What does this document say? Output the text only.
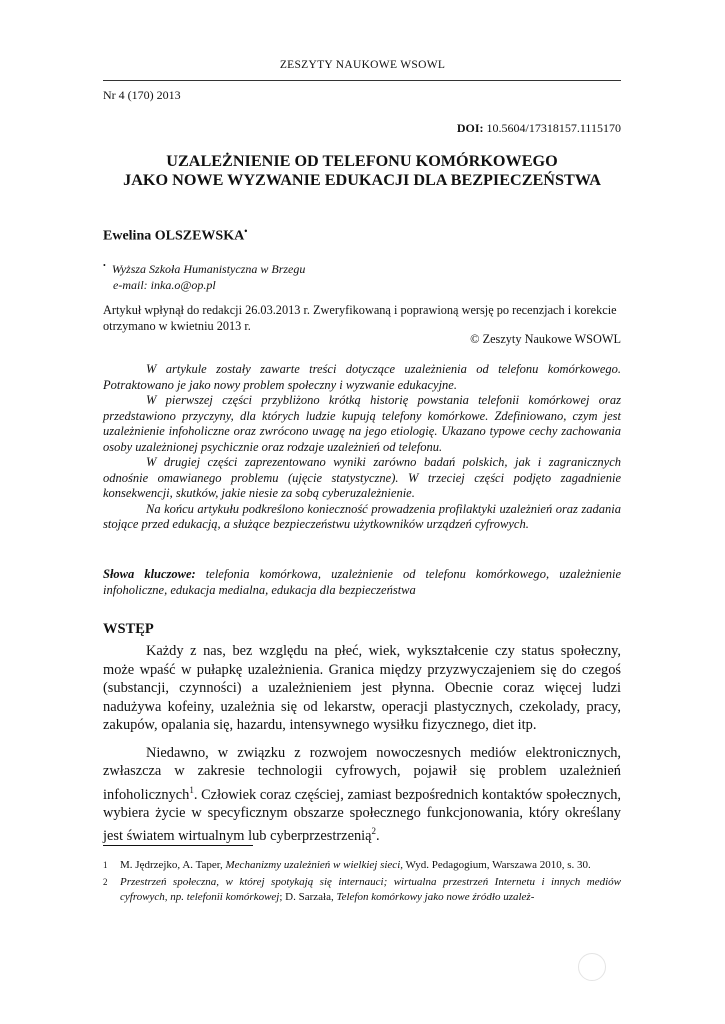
ZESZYTY NAUKOWE WSOWL
Nr 4 (170) 2013
DOI: 10.5604/17318157.1115170
UZALEŻNIENIE OD TELEFONU KOMÓRKOWEGO
JAKO NOWE WYZWANIE EDUKACJI DLA BEZPIECZEŃSTWA
Ewelina OLSZEWSKA•
• Wyższa Szkoła Humanistyczna w Brzegu
e-mail: inka.o@op.pl
Artykuł wpłynął do redakcji 26.03.2013 r. Zweryfikowaną i poprawioną wersję po recenzjach i korekcie otrzymano w kwietniu 2013 r.
© Zeszyty Naukowe WSOWL

W artykule zostały zawarte treści dotyczące uzależnienia od telefonu komórkowego. Potraktowano je jako nowy problem społeczny i wyzwanie edukacyjne.

W pierwszej części przybliżono krótką historię powstania telefonii komórkowej oraz przedstawiono przyczyny, dla których ludzie kupują telefony komórkowe. Zdefiniowano, czym jest uzależnienie infoholiczne oraz zwrócono uwagę na jego etiologię. Ukazano typowe cechy zachowania osoby uzależnionej psychicznie oraz rodzaje uzależnień od telefonu.

W drugiej części zaprezentowano wyniki zarówno badań polskich, jak i zagranicznych odnośnie omawianego problemu (ujęcie statystyczne). W trzeciej części podjęto zagadnienie konsekwencji, skutków, jakie niesie za sobą cyberuzależnienie.

Na końcu artykułu podkreślono konieczność prowadzenia profilaktyki uzależnień oraz zadania stojące przed edukacją, a służące bezpieczeństwu użytkowników urządzeń cyfrowych.

Słowa kluczowe: telefonia komórkowa, uzależnienie od telefonu komórkowego, uzależnienie infoholiczne, edukacja medialna, edukacja dla bezpieczeństwa
WSTĘP

Każdy z nas, bez względu na płeć, wiek, wykształcenie czy status społeczny, może wpaść w pułapkę uzależnienia. Granica między przyzwyczajeniem się do czegoś (substancji, czynności) a uzależnieniem jest płynna. Obecnie coraz więcej ludzi nadużywa kofeiny, uzależnia się od lekarstw, operacji plastycznych, czekolady, pracy, zakupów, opalania się, hazardu, intensywnego wysiłku fizycznego, diet itp.

Niedawno, w związku z rozwojem nowoczesnych mediów elektronicznych, zwłaszcza w zakresie technologii cyfrowych, pojawił się problem uzależnień infoholicznych$^1$. Człowiek coraz częściej, zamiast bezpośrednich kontaktów społecznych, wybiera życie w specyficznym obszarze społecznego funkcjonowania, który określany jest światem wirtualnym lub cyberprzestrzenią$^2$.

1 M. Jędrzejko, A. Taper, Mechanizmy uzależnień w wielkiej sieci, Wyd. Pedagogium, Warszawa 2010, s. 30.
2 Przestrzeń społeczna, w której spotykają się internauci; wirtualna przestrzeń Internetu i innych mediów cyfrowych, np. telefonii komórkowej; D. Sarzała, Telefon komórkowy jako nowe źródło uzależ-
